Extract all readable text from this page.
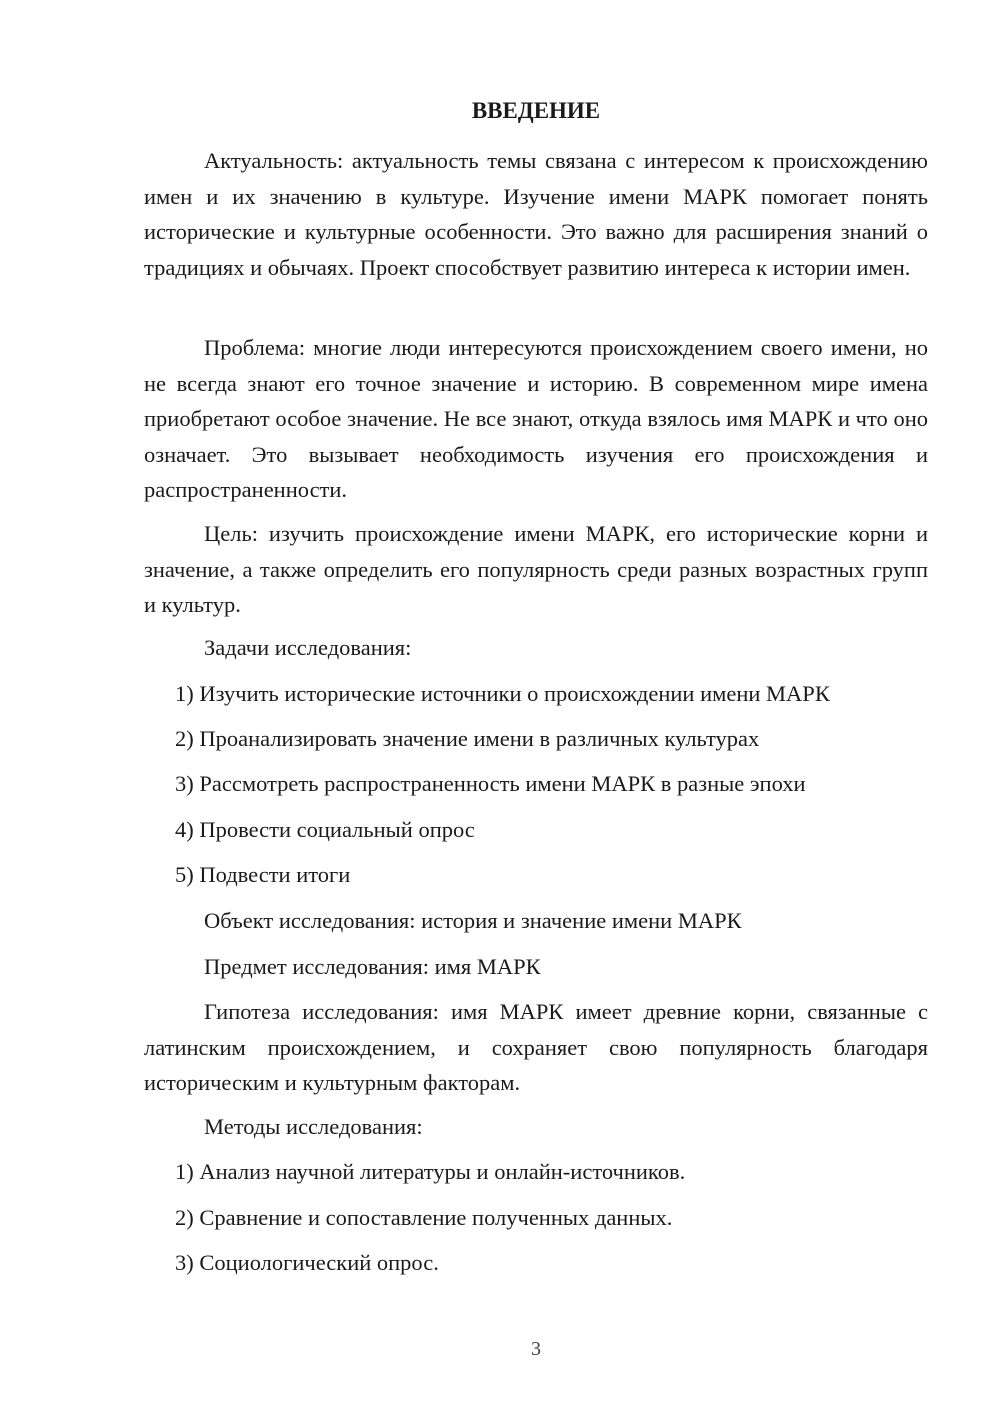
ВВЕДЕНИЕ

Актуальность: актуальность темы связана с интересом к происхождению имен и их значению в культуре. Изучение имени МАРК помогает понять исторические и культурные особенности. Это важно для расширения знаний о традициях и обычаях. Проект способствует развитию интереса к истории имен.

Проблема: многие люди интересуются происхождением своего имени, но не всегда знают его точное значение и историю. В современном мире имена приобретают особое значение. Не все знают, откуда взялось имя МАРК и что оно означает. Это вызывает необходимость изучения его происхождения и распространенности.

Цель: изучить происхождение имени МАРК, его исторические корни и значение, а также определить его популярность среди разных возрастных групп и культур.

Задачи исследования:
1) Изучить исторические источники о происхождении имени МАРК
2) Проанализировать значение имени в различных культурах
3) Рассмотреть распространенность имени МАРК в разные эпохи
4) Провести социальный опрос
5) Подвести итоги
Объект исследования: история и значение имени МАРК
Предмет исследования: имя МАРК

Гипотеза исследования: имя МАРК имеет древние корни, связанные с латинским происхождением, и сохраняет свою популярность благодаря историческим и культурным факторам.

Методы исследования:
1) Анализ научной литературы и онлайн-источников.
2) Сравнение и сопоставление полученных данных.
3) Социологический опрос.
3
